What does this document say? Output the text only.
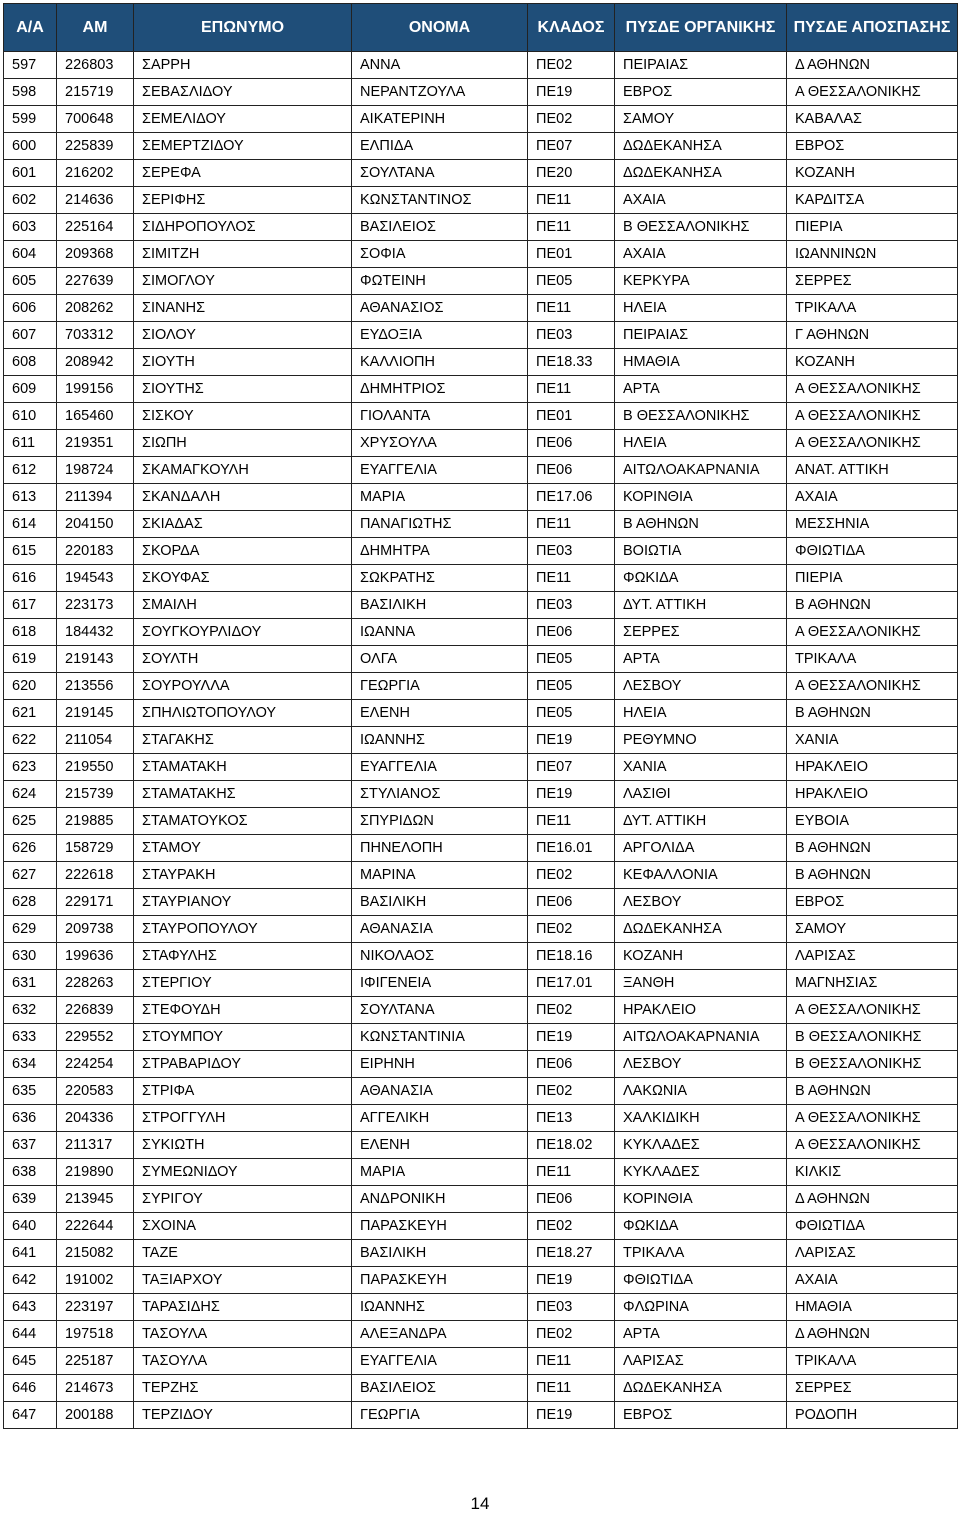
Α/Α	ΑΜ	ΕΠΩΝΥΜΟ	ΟΝΟΜΑ	ΚΛΑΔΟΣ	ΠΥΣΔΕ ΟΡΓΑΝΙΚΗΣ	ΠΥΣΔΕ ΑΠΟΣΠΑΣΗΣ
597	226803	ΣΑΡΡΗ	ΑΝΝΑ	ΠΕ02	ΠΕΙΡΑΙΑΣ	Δ ΑΘΗΝΩΝ
598	215719	ΣΕΒΑΣΛΙΔΟΥ	ΝΕΡΑΝΤΖΟΥΛΑ	ΠΕ19	ΕΒΡΟΣ	Α ΘΕΣΣΑΛΟΝΙΚΗΣ
599	700648	ΣΕΜΕΛΙΔΟΥ	ΑΙΚΑΤΕΡΙΝΗ	ΠΕ02	ΣΑΜΟΥ	ΚΑΒΑΛΑΣ
600	225839	ΣΕΜΕΡΤΖΙΔΟΥ	ΕΛΠΙΔΑ	ΠΕ07	ΔΩΔΕΚΑΝΗΣΑ	ΕΒΡΟΣ
601	216202	ΣΕΡΕΦΑ	ΣΟΥΛΤΑΝΑ	ΠΕ20	ΔΩΔΕΚΑΝΗΣΑ	ΚΟΖΑΝΗ
602	214636	ΣΕΡΙΦΗΣ	ΚΩΝΣΤΑΝΤΙΝΟΣ	ΠΕ11	ΑΧΑΙΑ	ΚΑΡΔΙΤΣΑ
603	225164	ΣΙΔΗΡΟΠΟΥΛΟΣ	ΒΑΣΙΛΕΙΟΣ	ΠΕ11	Β ΘΕΣΣΑΛΟΝΙΚΗΣ	ΠΙΕΡΙΑ
604	209368	ΣΙΜΙΤΖΗ	ΣΟΦΙΑ	ΠΕ01	ΑΧΑΙΑ	ΙΩΑΝΝΙΝΩΝ
605	227639	ΣΙΜΟΓΛΟΥ	ΦΩΤΕΙΝΗ	ΠΕ05	ΚΕΡΚΥΡΑ	ΣΕΡΡΕΣ
606	208262	ΣΙΝΑΝΗΣ	ΑΘΑΝΑΣΙΟΣ	ΠΕ11	ΗΛΕΙΑ	ΤΡΙΚΑΛΑ
607	703312	ΣΙΟΛΟΥ	ΕΥΔΟΞΙΑ	ΠΕ03	ΠΕΙΡΑΙΑΣ	Γ ΑΘΗΝΩΝ
608	208942	ΣΙΟΥΤΗ	ΚΑΛΛΙΟΠΗ	ΠΕ18.33	ΗΜΑΘΙΑ	ΚΟΖΑΝΗ
609	199156	ΣΙΟΥΤΗΣ	ΔΗΜΗΤΡΙΟΣ	ΠΕ11	ΑΡΤΑ	Α ΘΕΣΣΑΛΟΝΙΚΗΣ
610	165460	ΣΙΣΚΟΥ	ΓΙΟΛΑΝΤΑ	ΠΕ01	Β ΘΕΣΣΑΛΟΝΙΚΗΣ	Α ΘΕΣΣΑΛΟΝΙΚΗΣ
611	219351	ΣΙΩΠΗ	ΧΡΥΣΟΥΛΑ	ΠΕ06	ΗΛΕΙΑ	Α ΘΕΣΣΑΛΟΝΙΚΗΣ
612	198724	ΣΚΑΜΑΓΚΟΥΛΗ	ΕΥΑΓΓΕΛΙΑ	ΠΕ06	ΑΙΤΩΛΟΑΚΑΡΝΑΝΙΑ	ΑΝΑΤ. ΑΤΤΙΚΗ
613	211394	ΣΚΑΝΔΑΛΗ	ΜΑΡΙΑ	ΠΕ17.06	ΚΟΡΙΝΘΙΑ	ΑΧΑΙΑ
614	204150	ΣΚΙΑΔΑΣ	ΠΑΝΑΓΙΩΤΗΣ	ΠΕ11	Β ΑΘΗΝΩΝ	ΜΕΣΣΗΝΙΑ
615	220183	ΣΚΟΡΔΑ	ΔΗΜΗΤΡΑ	ΠΕ03	ΒΟΙΩΤΙΑ	ΦΘΙΩΤΙΔΑ
616	194543	ΣΚΟΥΦΑΣ	ΣΩΚΡΑΤΗΣ	ΠΕ11	ΦΩΚΙΔΑ	ΠΙΕΡΙΑ
617	223173	ΣΜΑΙΛΗ	ΒΑΣΙΛΙΚΗ	ΠΕ03	ΔΥΤ. ΑΤΤΙΚΗ	Β ΑΘΗΝΩΝ
618	184432	ΣΟΥΓΚΟΥΡΛΙΔΟΥ	ΙΩΑΝΝΑ	ΠΕ06	ΣΕΡΡΕΣ	Α ΘΕΣΣΑΛΟΝΙΚΗΣ
619	219143	ΣΟΥΛΤΗ	ΟΛΓΑ	ΠΕ05	ΑΡΤΑ	ΤΡΙΚΑΛΑ
620	213556	ΣΟΥΡΟΥΛΛΑ	ΓΕΩΡΓΙΑ	ΠΕ05	ΛΕΣΒΟΥ	Α ΘΕΣΣΑΛΟΝΙΚΗΣ
621	219145	ΣΠΗΛΙΩΤΟΠΟΥΛΟΥ	ΕΛΕΝΗ	ΠΕ05	ΗΛΕΙΑ	Β ΑΘΗΝΩΝ
622	211054	ΣΤΑΓΑΚΗΣ	ΙΩΑΝΝΗΣ	ΠΕ19	ΡΕΘΥΜΝΟ	ΧΑΝΙΑ
623	219550	ΣΤΑΜΑΤΑΚΗ	ΕΥΑΓΓΕΛΙΑ	ΠΕ07	ΧΑΝΙΑ	ΗΡΑΚΛΕΙΟ
624	215739	ΣΤΑΜΑΤΑΚΗΣ	ΣΤΥΛΙΑΝΟΣ	ΠΕ19	ΛΑΣΙΘΙ	ΗΡΑΚΛΕΙΟ
625	219885	ΣΤΑΜΑΤΟΥΚΟΣ	ΣΠΥΡΙΔΩΝ	ΠΕ11	ΔΥΤ. ΑΤΤΙΚΗ	ΕΥΒΟΙΑ
626	158729	ΣΤΑΜΟΥ	ΠΗΝΕΛΟΠΗ	ΠΕ16.01	ΑΡΓΟΛΙΔΑ	Β ΑΘΗΝΩΝ
627	222618	ΣΤΑΥΡΑΚΗ	ΜΑΡΙΝΑ	ΠΕ02	ΚΕΦΑΛΛΟΝΙΑ	Β ΑΘΗΝΩΝ
628	229171	ΣΤΑΥΡΙΑΝΟΥ	ΒΑΣΙΛΙΚΗ	ΠΕ06	ΛΕΣΒΟΥ	ΕΒΡΟΣ
629	209738	ΣΤΑΥΡΟΠΟΥΛΟΥ	ΑΘΑΝΑΣΙΑ	ΠΕ02	ΔΩΔΕΚΑΝΗΣΑ	ΣΑΜΟΥ
630	199636	ΣΤΑΦΥΛΗΣ	ΝΙΚΟΛΑΟΣ	ΠΕ18.16	ΚΟΖΑΝΗ	ΛΑΡΙΣΑΣ
631	228263	ΣΤΕΡΓΙΟΥ	ΙΦΙΓΕΝΕΙΑ	ΠΕ17.01	ΞΑΝΘΗ	ΜΑΓΝΗΣΙΑΣ
632	226839	ΣΤΕΦΟΥΔΗ	ΣΟΥΛΤΑΝΑ	ΠΕ02	ΗΡΑΚΛΕΙΟ	Α ΘΕΣΣΑΛΟΝΙΚΗΣ
633	229552	ΣΤΟΥΜΠΟΥ	ΚΩΝΣΤΑΝΤΙΝΙΑ	ΠΕ19	ΑΙΤΩΛΟΑΚΑΡΝΑΝΙΑ	Β ΘΕΣΣΑΛΟΝΙΚΗΣ
634	224254	ΣΤΡΑΒΑΡΙΔΟΥ	ΕΙΡΗΝΗ	ΠΕ06	ΛΕΣΒΟΥ	Β ΘΕΣΣΑΛΟΝΙΚΗΣ
635	220583	ΣΤΡΙΦΑ	ΑΘΑΝΑΣΙΑ	ΠΕ02	ΛΑΚΩΝΙΑ	Β ΑΘΗΝΩΝ
636	204336	ΣΤΡΟΓΓΥΛΗ	ΑΓΓΕΛΙΚΗ	ΠΕ13	ΧΑΛΚΙΔΙΚΗ	Α ΘΕΣΣΑΛΟΝΙΚΗΣ
637	211317	ΣΥΚΙΩΤΗ	ΕΛΕΝΗ	ΠΕ18.02	ΚΥΚΛΑΔΕΣ	Α ΘΕΣΣΑΛΟΝΙΚΗΣ
638	219890	ΣΥΜΕΩΝΙΔΟΥ	ΜΑΡΙΑ	ΠΕ11	ΚΥΚΛΑΔΕΣ	ΚΙΛΚΙΣ
639	213945	ΣΥΡΙΓΟΥ	ΑΝΔΡΟΝΙΚΗ	ΠΕ06	ΚΟΡΙΝΘΙΑ	Δ ΑΘΗΝΩΝ
640	222644	ΣΧΟΙΝΑ	ΠΑΡΑΣΚΕΥΗ	ΠΕ02	ΦΩΚΙΔΑ	ΦΘΙΩΤΙΔΑ
641	215082	ΤΑΖΕ	ΒΑΣΙΛΙΚΗ	ΠΕ18.27	ΤΡΙΚΑΛΑ	ΛΑΡΙΣΑΣ
642	191002	ΤΑΞΙΑΡΧΟΥ	ΠΑΡΑΣΚΕΥΗ	ΠΕ19	ΦΘΙΩΤΙΔΑ	ΑΧΑΙΑ
643	223197	ΤΑΡΑΣΙΔΗΣ	ΙΩΑΝΝΗΣ	ΠΕ03	ΦΛΩΡΙΝΑ	ΗΜΑΘΙΑ
644	197518	ΤΑΣΟΥΛΑ	ΑΛΕΞΑΝΔΡΑ	ΠΕ02	ΑΡΤΑ	Δ ΑΘΗΝΩΝ
645	225187	ΤΑΣΟΥΛΑ	ΕΥΑΓΓΕΛΙΑ	ΠΕ11	ΛΑΡΙΣΑΣ	ΤΡΙΚΑΛΑ
646	214673	ΤΕΡΖΗΣ	ΒΑΣΙΛΕΙΟΣ	ΠΕ11	ΔΩΔΕΚΑΝΗΣΑ	ΣΕΡΡΕΣ
647	200188	ΤΕΡΖΙΔΟΥ	ΓΕΩΡΓΙΑ	ΠΕ19	ΕΒΡΟΣ	ΡΟΔΟΠΗ
14
